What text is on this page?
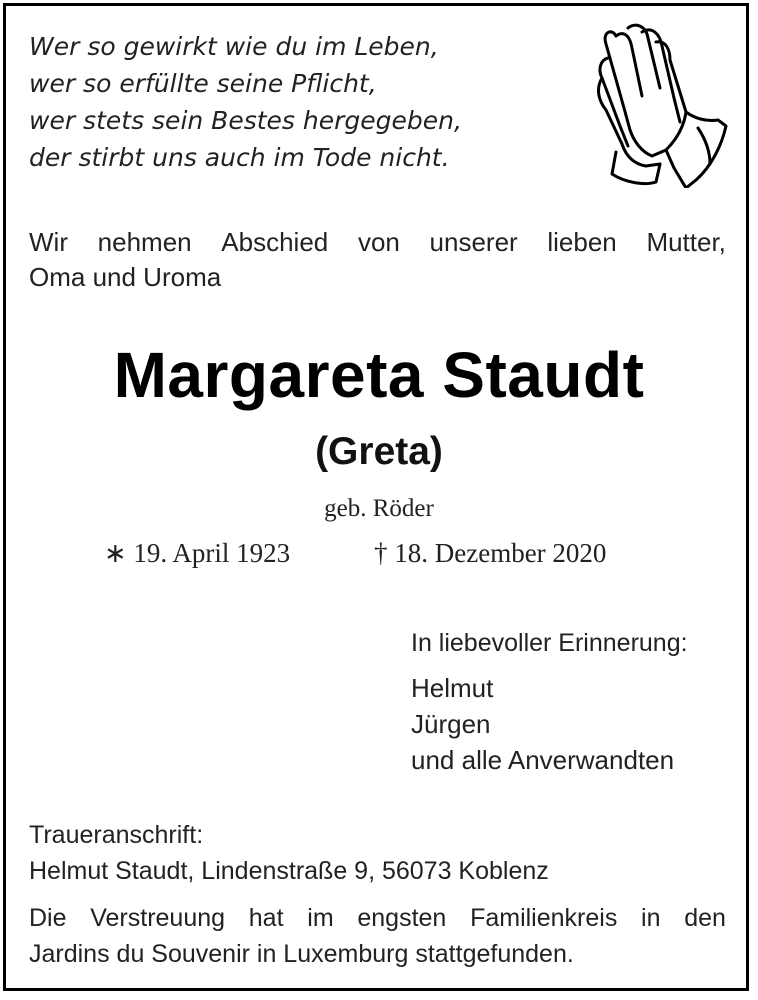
Wer so gewirkt wie du im Leben,
wer so erfüllte seine Pflicht,
wer stets sein Bestes hergegeben,
der stirbt uns auch im Tode nicht.
Wir nehmen Abschied von unserer lieben Mutter,
Oma und Uroma
Margareta Staudt
(Greta)
geb. Röder
∗ 19. April 1923	† 18. Dezember 2020
In liebevoller Erinnerung:
Helmut
Jürgen
und alle Anverwandten
Traueranschrift:
Helmut Staudt, Lindenstraße 9, 56073 Koblenz
Die Verstreuung hat im engsten Familienkreis in den
Jardins du Souvenir in Luxemburg stattgefunden.
